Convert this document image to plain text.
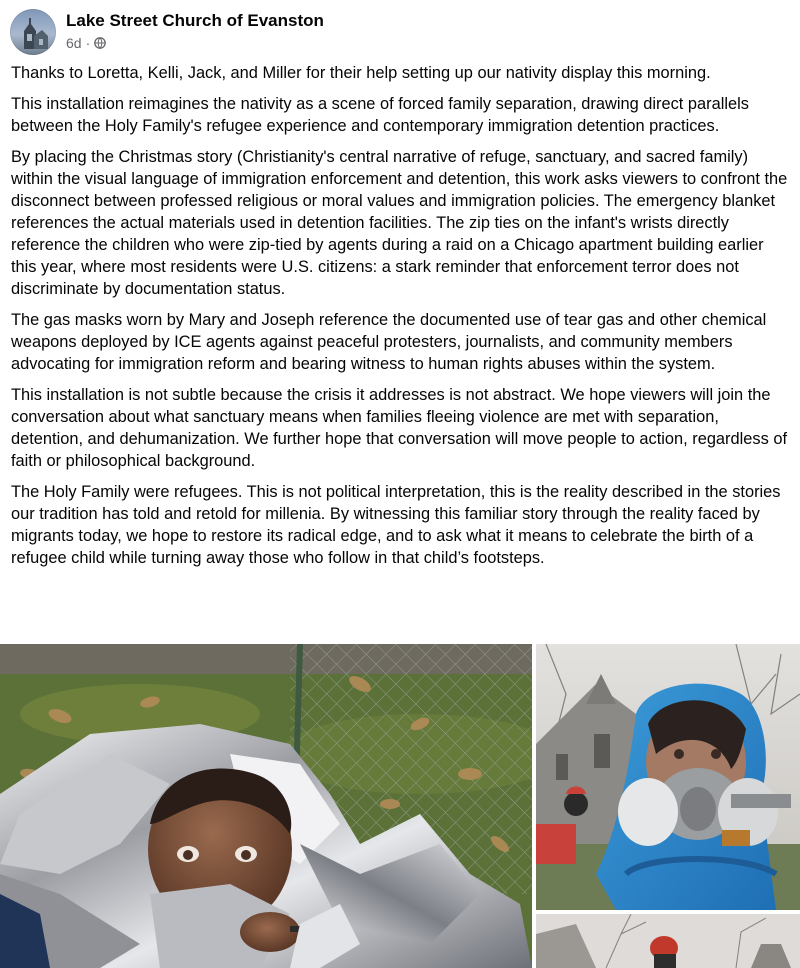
Lake Street Church of Evanston
6d ·

Thanks to Loretta, Kelli, Jack, and Miller for their help setting up our nativity display this morning.

This installation reimagines the nativity as a scene of forced family separation, drawing direct parallels between the Holy Family's refugee experience and contemporary immigration detention practices.

By placing the Christmas story (Christianity's central narrative of refuge, sanctuary, and sacred family) within the visual language of immigration enforcement and detention, this work asks viewers to confront the disconnect between professed religious or moral values and immigration policies. The emergency blanket references the actual materials used in detention facilities. The zip ties on the infant's wrists directly reference the children who were zip-tied by agents during a raid on a Chicago apartment building earlier this year, where most residents were U.S. citizens: a stark reminder that enforcement terror does not discriminate by documentation status.

The gas masks worn by Mary and Joseph reference the documented use of tear gas and other chemical weapons deployed by ICE agents against peaceful protesters, journalists, and community members advocating for immigration reform and bearing witness to human rights abuses within the system.

This installation is not subtle because the crisis it addresses is not abstract. We hope viewers will join the conversation about what sanctuary means when families fleeing violence are met with separation, detention, and dehumanization. We further hope that conversation will move people to action, regardless of faith or philosophical background.

The Holy Family were refugees. This is not political interpretation, this is the reality described in the stories our tradition has told and retold for millenia. By witnessing this familiar story through the reality faced by migrants today, we hope to restore its radical edge, and to ask what it means to celebrate the birth of a refugee child while turning away those who follow in that child’s footsteps.
